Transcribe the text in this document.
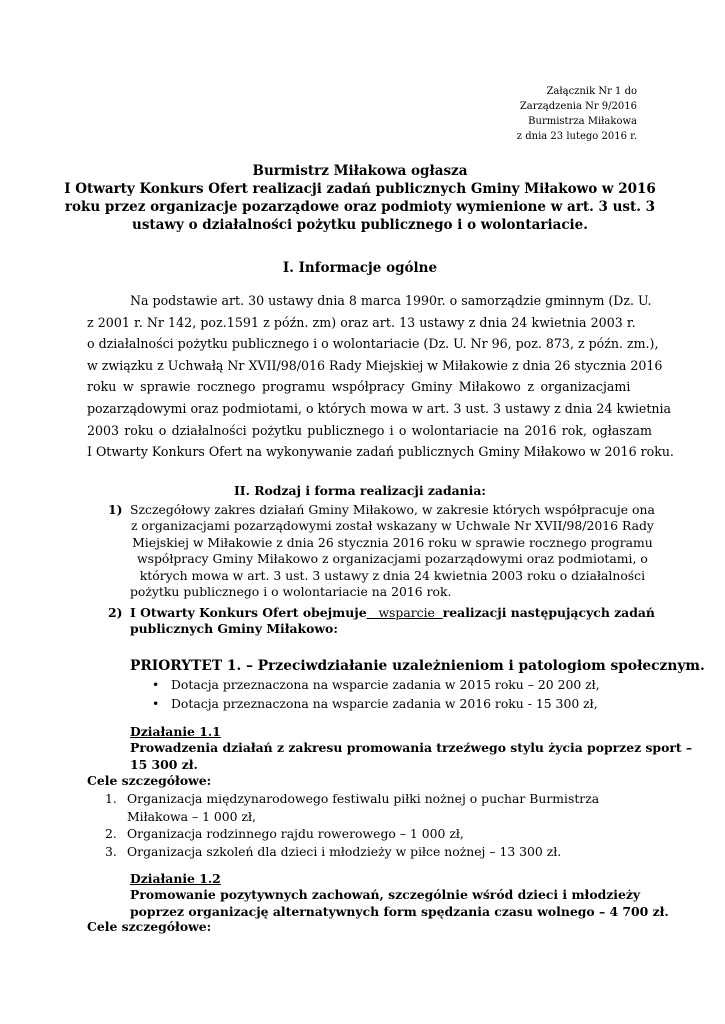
Załącznik Nr 1 do
Zarządzenia Nr 9/2016
Burmistrza Miłakowa
z dnia 23 lutego 2016 r.
Burmistrz Miłakowa ogłasza
I Otwarty Konkurs Ofert realizacji zadań publicznych Gminy Miłakowo w 2016
roku przez organizacje pozarządowe oraz podmioty wymienione w art. 3 ust. 3
ustawy o działalności pożytku publicznego i o wolontariacie.
I. Informacje ogólne
Na podstawie art. 30 ustawy dnia 8 marca 1990r. o samorządzie gminnym (Dz. U.
z 2001 r. Nr 142, poz.1591 z późn. zm) oraz art. 13 ustawy z dnia 24 kwietnia 2003 r.
o działalności pożytku publicznego i o wolontariacie (Dz. U. Nr 96, poz. 873, z późn. zm.),
w związku z Uchwałą Nr XVII/98/016 Rady Miejskiej w Miłakowie z dnia 26 stycznia 2016
roku w sprawie rocznego programu współpracy Gminy Miłakowo z organizacjami
pozarządowymi oraz podmiotami, o których mowa w art. 3 ust. 3 ustawy z dnia 24 kwietnia
2003 roku o działalności pożytku publicznego i o wolontariacie na 2016 rok, ogłaszam
I Otwarty Konkurs Ofert na wykonywanie zadań publicznych Gminy Miłakowo w 2016 roku.
II. Rodzaj i forma realizacji zadania:
1) Szczegółowy zakres działań Gminy Miłakowo, w zakresie których współpracuje ona
z organizacjami pozarządowymi został wskazany w Uchwale Nr XVII/98/2016 Rady
Miejskiej w Miłakowie z dnia 26 stycznia 2016 roku w sprawie rocznego programu
współpracy Gminy Miłakowo z organizacjami pozarządowymi oraz podmiotami, o
których mowa w art. 3 ust. 3 ustawy z dnia 24 kwietnia 2003 roku o działalności
pożytku publicznego i o wolontariacie na 2016 rok.
2) I Otwarty Konkurs Ofert obejmuje   wsparcie  realizacji następujących zadań
publicznych Gminy Miłakowo:
PRIORYTET 1. – Przeciwdziałanie uzależnieniom i patologiom społecznym.
• Dotacja przeznaczona na wsparcie zadania w 2015 roku – 20 200 zł,
• Dotacja przeznaczona na wsparcie zadania w 2016 roku - 15 300 zł,
Działanie 1.1
Prowadzenia działań z zakresu promowania trzeźwego stylu życia poprzez sport –
15 300 zł.
Cele szczegółowe:
1. Organizacja międzynarodowego festiwalu piłki nożnej o puchar Burmistrza
Miłakowa – 1 000 zł,
2. Organizacja rodzinnego rajdu rowerowego – 1 000 zł,
3. Organizacja szkoleń dla dzieci i młodzieży w piłce nożnej – 13 300 zł.
Działanie 1.2
Promowanie pozytywnych zachowań, szczególnie wśród dzieci i młodzieży
poprzez organizację alternatywnych form spędzania czasu wolnego – 4 700 zł.
Cele szczegółowe:
